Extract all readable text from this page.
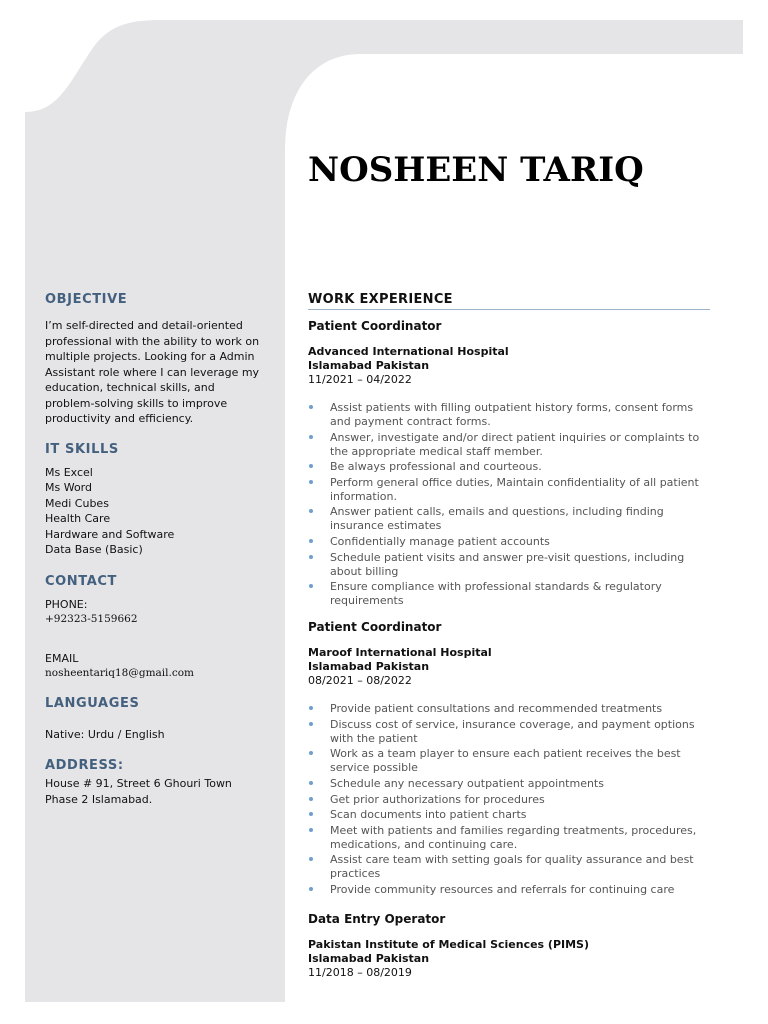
NOSHEEN TARIQ
OBJECTIVE
I’m self-directed and detail-oriented professional with the ability to work on multiple projects. Looking for a Admin Assistant role where I can leverage my education, technical skills, and problem-solving skills to improve productivity and efficiency.
IT SKILLS
Ms Excel
Ms Word
Medi Cubes
Health Care
Hardware and Software
Data Base (Basic)
CONTACT
PHONE:
+92323-5159662
EMAIL
nosheentariq18@gmail.com
LANGUAGES
Native: Urdu / English
ADDRESS:
House # 91, Street 6 Ghouri Town
Phase 2 Islamabad.
WORK EXPERIENCE
Patient Coordinator
Advanced International Hospital
Islamabad Pakistan
11/2021 – 04/2022
Assist patients with filling outpatient history forms, consent forms and payment contract forms.
Answer, investigate and/or direct patient inquiries or complaints to the appropriate medical staff member.
Be always professional and courteous.
Perform general office duties, Maintain confidentiality of all patient information.
Answer patient calls, emails and questions, including finding insurance estimates
Confidentially manage patient accounts
Schedule patient visits and answer pre-visit questions, including about billing
Ensure compliance with professional standards & regulatory requirements
Patient Coordinator
Maroof International Hospital
Islamabad Pakistan
08/2021 – 08/2022
Provide patient consultations and recommended treatments
Discuss cost of service, insurance coverage, and payment options with the patient
Work as a team player to ensure each patient receives the best service possible
Schedule any necessary outpatient appointments
Get prior authorizations for procedures
Scan documents into patient charts
Meet with patients and families regarding treatments, procedures, medications, and continuing care.
Assist care team with setting goals for quality assurance and best practices
Provide community resources and referrals for continuing care
Data Entry Operator
Pakistan Institute of Medical Sciences (PIMS)
Islamabad Pakistan
11/2018 – 08/2019
